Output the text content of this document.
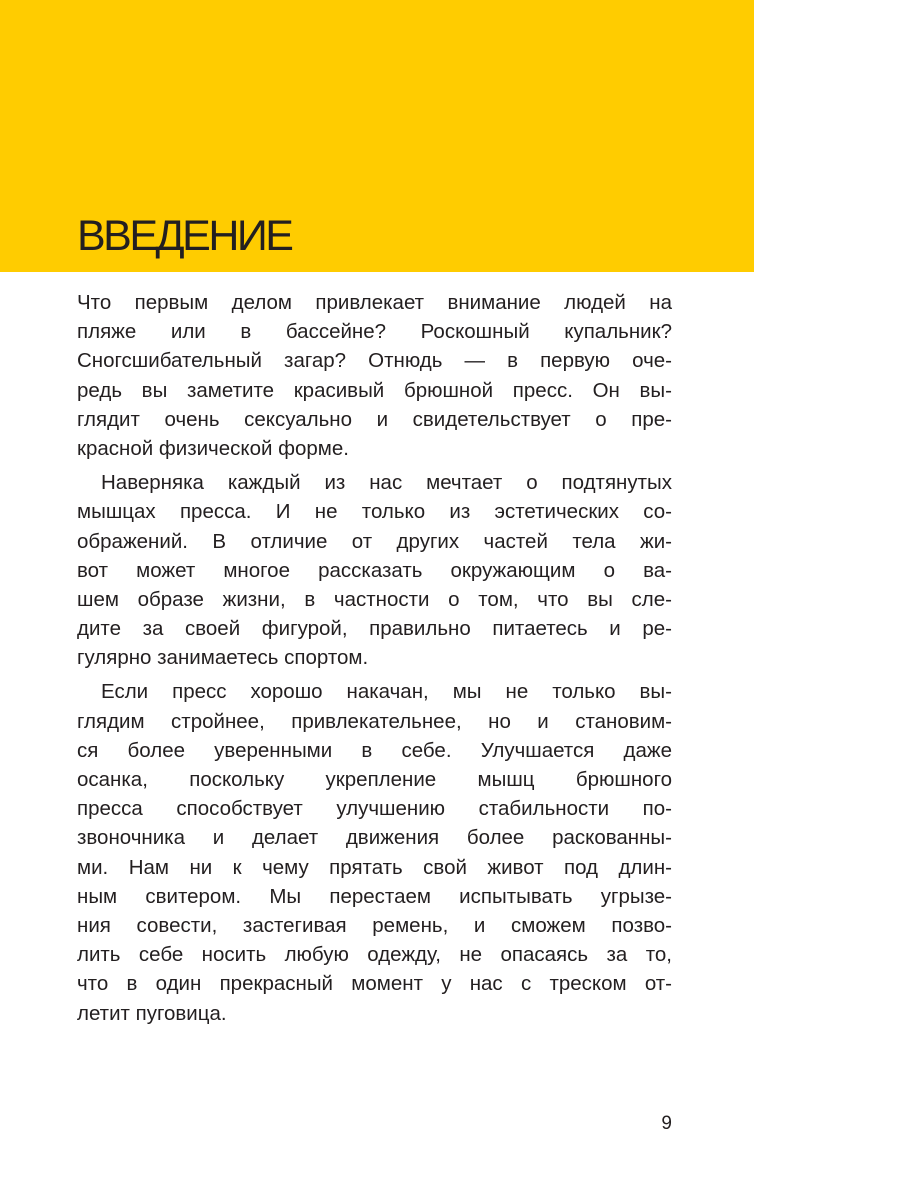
ВВЕДЕНИЕ
Что первым делом привлекает внимание людей на
пляже или в бассейне? Роскошный купальник?
Сногсшибательный загар? Отнюдь — в первую оче-
редь вы заметите красивый брюшной пресс. Он вы-
глядит очень сексуально и свидетельствует о пре-
красной физической форме.
Наверняка каждый из нас мечтает о подтянутых
мышцах пресса. И не только из эстетических со-
ображений. В отличие от других частей тела жи-
вот может многое рассказать окружающим о ва-
шем образе жизни, в частности о том, что вы сле-
дите за своей фигурой, правильно питаетесь и ре-
гулярно занимаетесь спортом.
Если пресс хорошо накачан, мы не только вы-
глядим стройнее, привлекательнее, но и становим-
ся более уверенными в себе. Улучшается даже
осанка, поскольку укрепление мышц брюшного
пресса способствует улучшению стабильности по-
звоночника и делает движения более раскованны-
ми. Нам ни к чему прятать свой живот под длин-
ным свитером. Мы перестаем испытывать угрызе-
ния совести, застегивая ремень, и сможем позво-
лить себе носить любую одежду, не опасаясь за то,
что в один прекрасный момент у нас с треском от-
летит пуговица.
9
